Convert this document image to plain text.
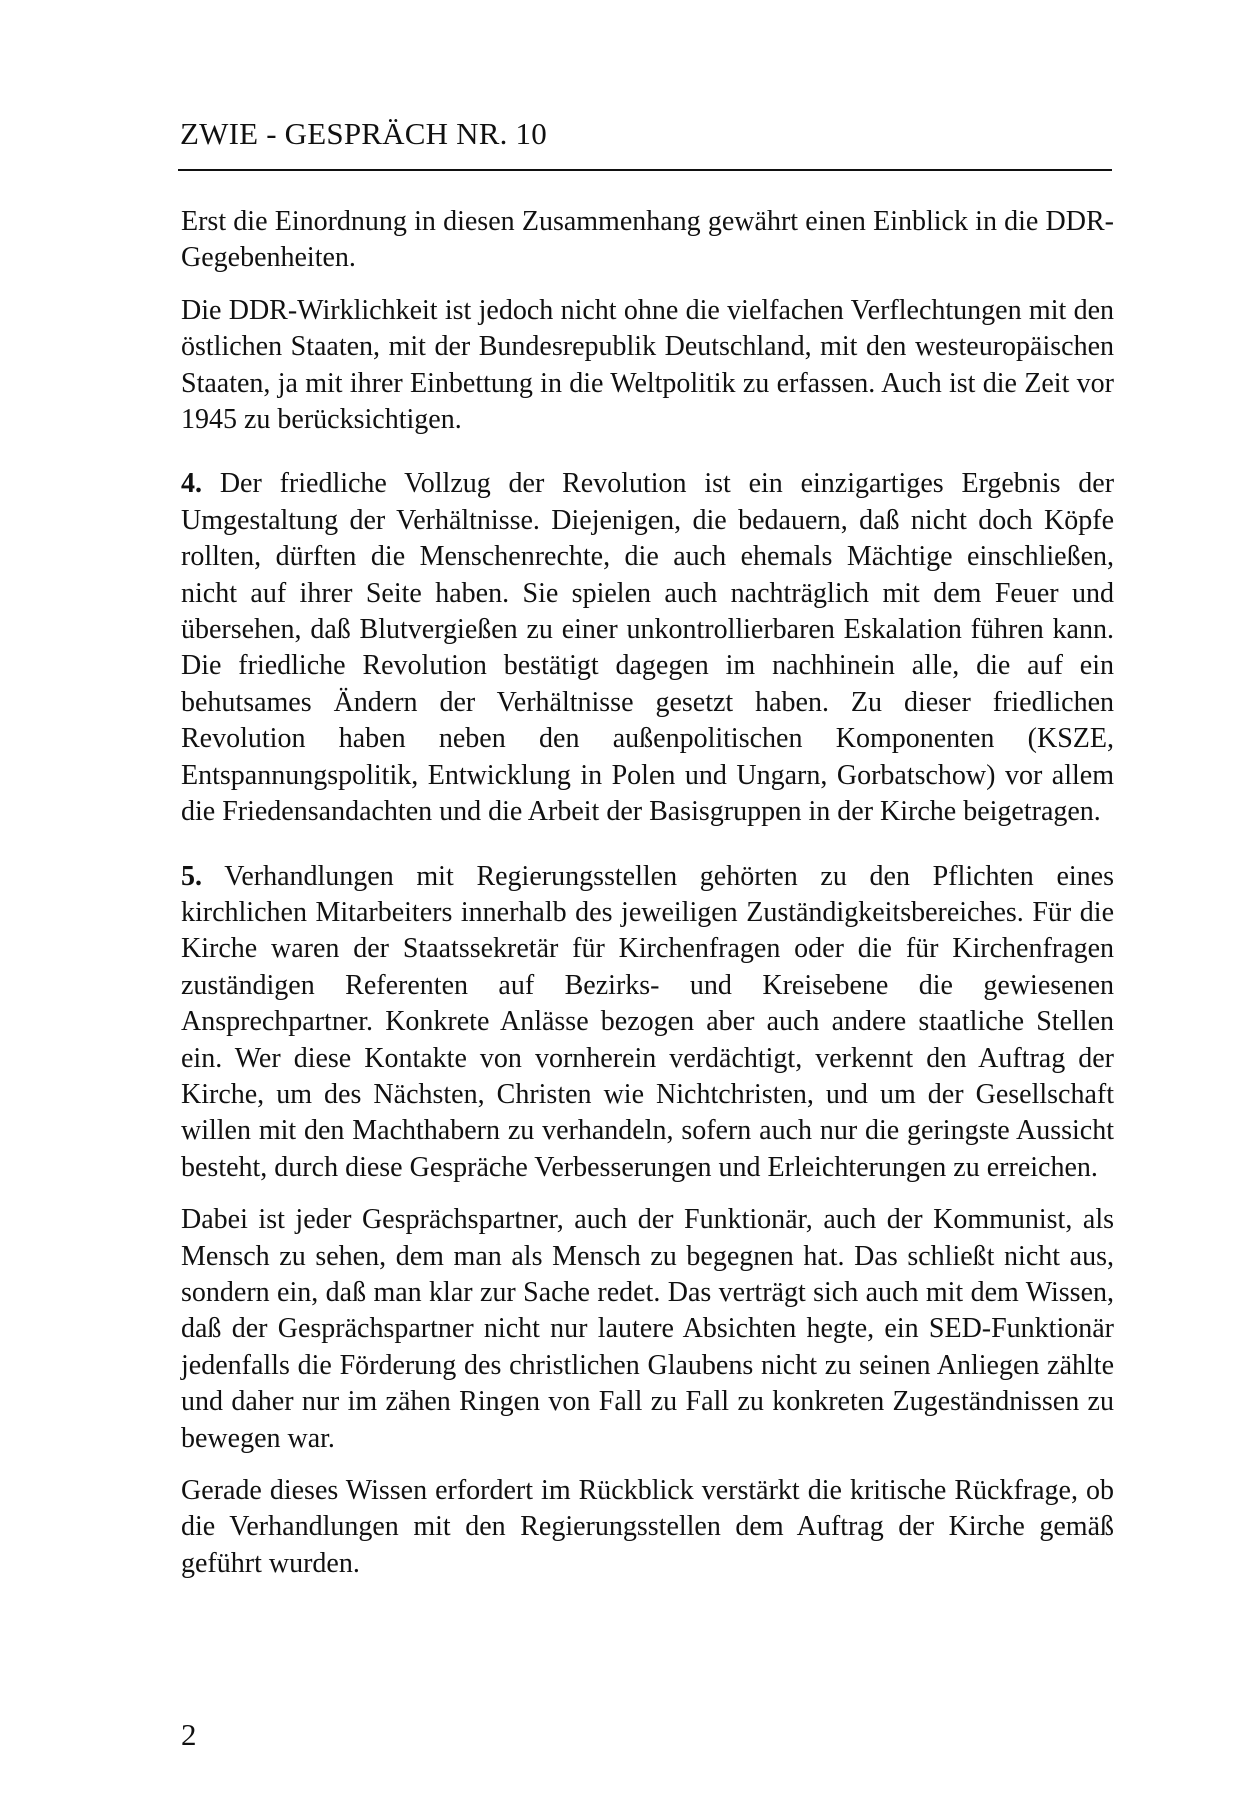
ZWIE - GESPRÄCH NR. 10

Erst die Einordnung in diesen Zusammenhang gewährt einen Einblick in die DDR-Gegebenheiten.

Die DDR-Wirklichkeit ist jedoch nicht ohne die vielfachen Verflechtungen mit den östlichen Staaten, mit der Bundesrepublik Deutschland, mit den westeuropäischen Staaten, ja mit ihrer Einbettung in die Weltpolitik zu erfassen. Auch ist die Zeit vor 1945 zu berücksichtigen.

4. Der friedliche Vollzug der Revolution ist ein einzigartiges Ergebnis der Umgestaltung der Verhältnisse. Diejenigen, die bedauern, daß nicht doch Köpfe rollten, dürften die Menschenrechte, die auch ehemals Mächtige einschließen, nicht auf ihrer Seite haben. Sie spielen auch nachträglich mit dem Feuer und übersehen, daß Blutvergießen zu einer unkontrollierbaren Eskalation führen kann. Die friedliche Revolution bestätigt dagegen im nachhinein alle, die auf ein behutsames Ändern der Verhältnisse gesetzt haben. Zu dieser friedlichen Revolution haben neben den außenpolitischen Komponenten (KSZE, Entspannungspolitik, Entwicklung in Polen und Ungarn, Gorbatschow) vor allem die Friedensandachten und die Arbeit der Basisgruppen in der Kirche beigetragen.

5. Verhandlungen mit Regierungsstellen gehörten zu den Pflichten eines kirchlichen Mitarbeiters innerhalb des jeweiligen Zuständigkeitsbereiches. Für die Kirche waren der Staatssekretär für Kirchenfragen oder die für Kirchenfragen zuständigen Referenten auf Bezirks- und Kreisebene die gewiesenen Ansprechpartner. Konkrete Anlässe bezogen aber auch andere staatliche Stellen ein. Wer diese Kontakte von vornherein verdächtigt, verkennt den Auftrag der Kirche, um des Nächsten, Christen wie Nichtchristen, und um der Gesellschaft willen mit den Machthabern zu verhandeln, sofern auch nur die geringste Aussicht besteht, durch diese Gespräche Verbesserungen und Erleichterungen zu erreichen.

Dabei ist jeder Gesprächspartner, auch der Funktionär, auch der Kommunist, als Mensch zu sehen, dem man als Mensch zu begegnen hat. Das schließt nicht aus, sondern ein, daß man klar zur Sache redet. Das verträgt sich auch mit dem Wissen, daß der Gesprächspartner nicht nur lautere Absichten hegte, ein SED-Funktionär jedenfalls die Förderung des christlichen Glaubens nicht zu seinen Anliegen zählte und daher nur im zähen Ringen von Fall zu Fall zu konkreten Zugeständnissen zu bewegen war.

Gerade dieses Wissen erfordert im Rückblick verstärkt die kritische Rückfrage, ob die Verhandlungen mit den Regierungsstellen dem Auftrag der Kirche gemäß geführt wurden.

2
